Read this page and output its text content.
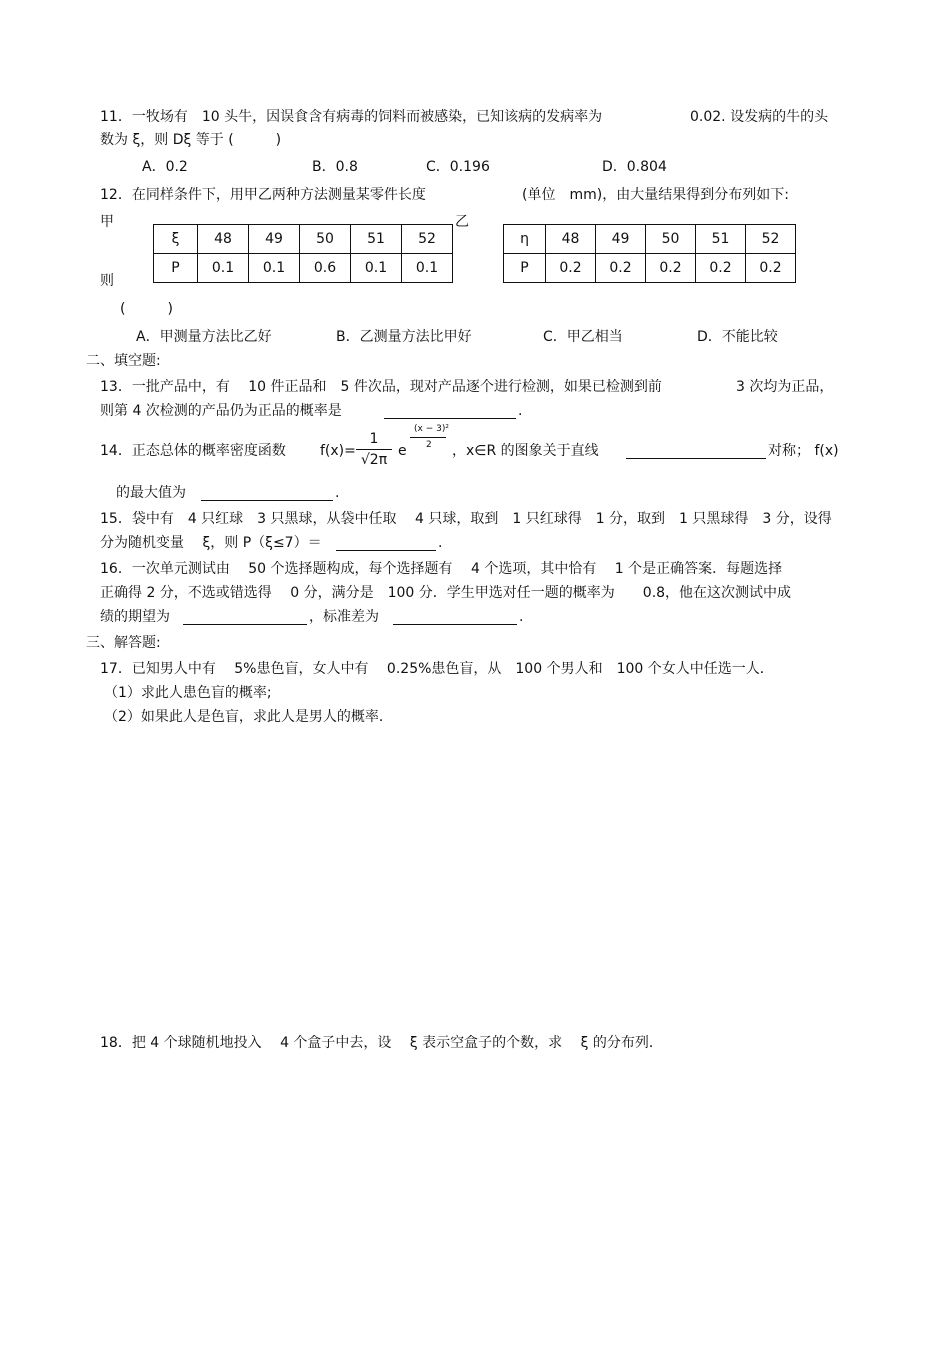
11．一牧场有　10 头牛，因误食含有病毒的饲料而被感染，已知该病的发病率为	0.02. 设发病的牛的头
数为 ξ，则 Dξ 等于 (　　　)
A．0.2	B．0.8	C．0.196	D．0.804
12．在同样条件下，用甲乙两种方法测量某零件长度	(单位　mm)，由大量结果得到分布列如下:
甲	乙
则
(　　　)
ξ	48	49	50	51	52
P	0.1	0.1	0.6	0.1	0.1
η	48	49	50	51	52
P	0.2	0.2	0.2	0.2	0.2
A．甲测量方法比乙好	B．乙测量方法比甲好	C．甲乙相当	D．不能比较
二、填空题:
13．一批产品中，有　 10 件正品和　5 件次品，现对产品逐个进行检测，如果已检测到前	3 次均为正品，
则第 4 次检测的产品仍为正品的概率是	.
14．正态总体的概率密度函数 f(x)=
1
√2π
e
(x − 3)²
2 ，x∈R 的图象关于直线	对称； f(x)
的最大值为	.
15．袋中有　4 只红球　3 只黑球，从袋中任取　 4 只球，取到　1 只红球得　1 分，取到　1 只黑球得　3 分，设得
分为随机变量　 ξ，则 P（ξ≤7）＝	.
16．一次单元测试由　 50 个选择题构成，每个选择题有　 4 个选项，其中恰有　 1 个是正确答案．每题选择
正确得 2 分，不选或错选得　 0 分，满分是　100 分．学生甲选对任一题的概率为　　0.8，他在这次测试中成
绩的期望为	，标准差为	.
三、解答题:
17．已知男人中有　 5%患色盲，女人中有　 0.25%患色盲，从　100 个男人和　100 个女人中任选一人．
（1）求此人患色盲的概率;
（2）如果此人是色盲，求此人是男人的概率．
18．把 4 个球随机地投入　 4 个盒子中去，设　 ξ 表示空盒子的个数，求　 ξ 的分布列．
